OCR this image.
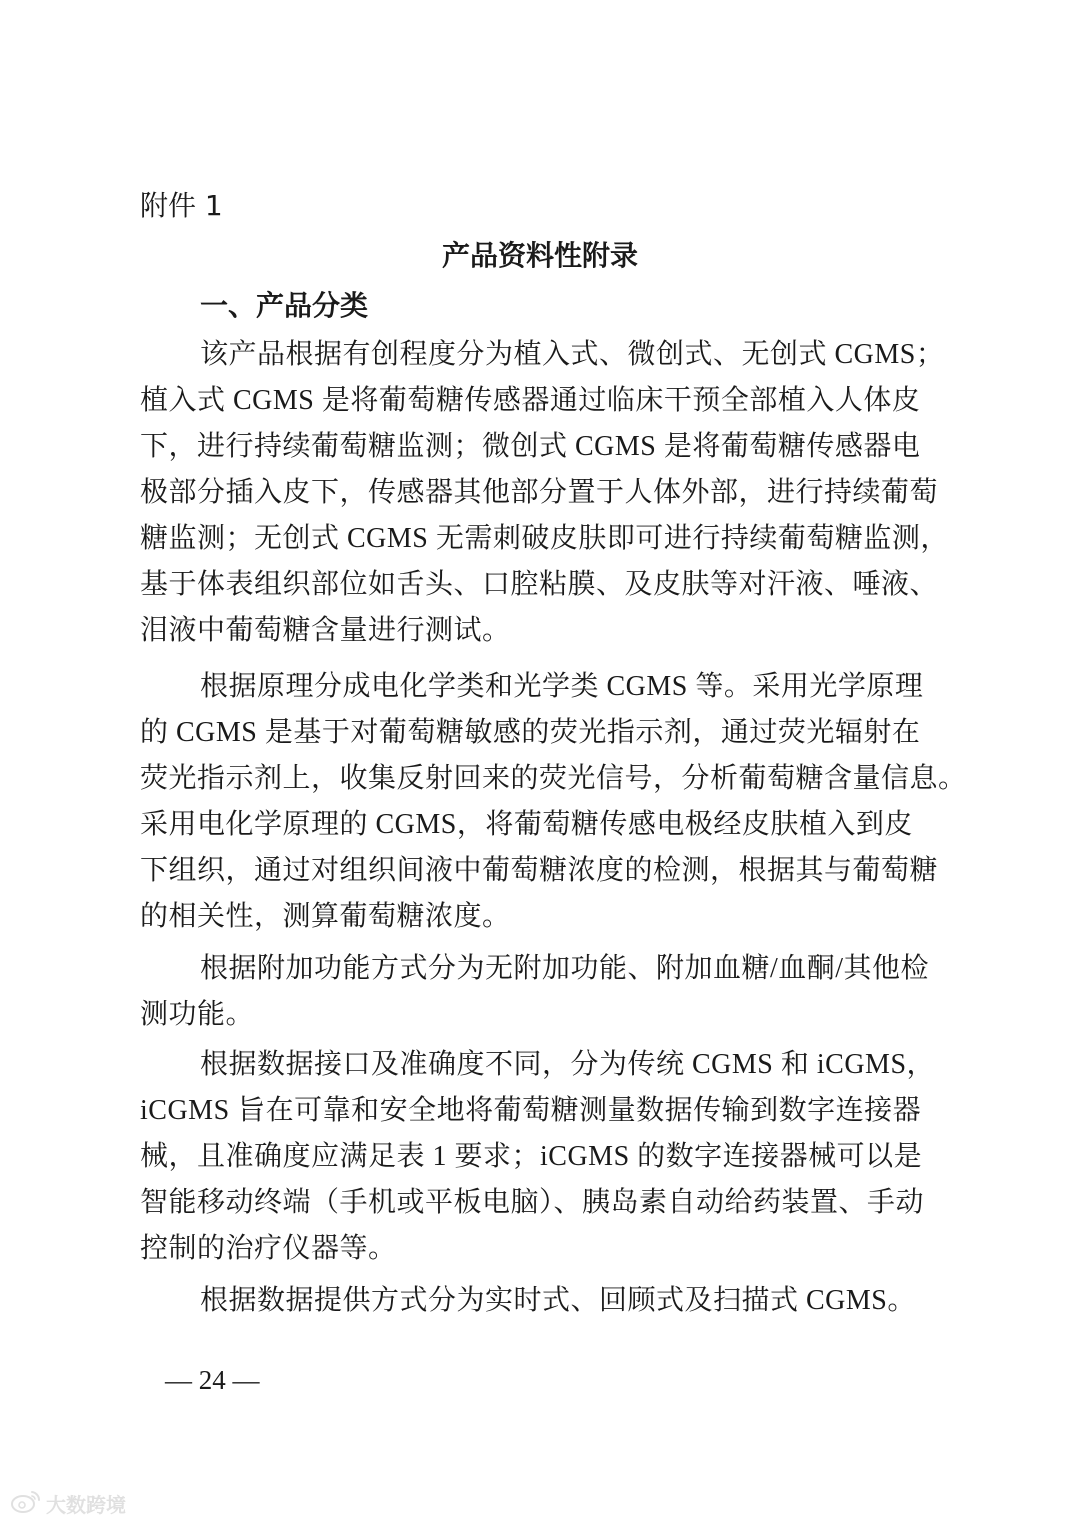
附件 1
产品资料性附录
一、产品分类
该产品根据有创程度分为植入式、微创式、无创式 CGMS；
植入式 CGMS 是将葡萄糖传感器通过临床干预全部植入人体皮
下，进行持续葡萄糖监测；微创式 CGMS 是将葡萄糖传感器电
极部分插入皮下，传感器其他部分置于人体外部，进行持续葡萄
糖监测；无创式 CGMS 无需刺破皮肤即可进行持续葡萄糖监测，
基于体表组织部位如舌头、口腔粘膜、及皮肤等对汗液、唾液、
泪液中葡萄糖含量进行测试。
根据原理分成电化学类和光学类 CGMS 等。采用光学原理
的 CGMS 是基于对葡萄糖敏感的荧光指示剂，通过荧光辐射在
荧光指示剂上，收集反射回来的荧光信号，分析葡萄糖含量信息。
采用电化学原理的 CGMS，将葡萄糖传感电极经皮肤植入到皮
下组织，通过对组织间液中葡萄糖浓度的检测，根据其与葡萄糖
的相关性，测算葡萄糖浓度。
根据附加功能方式分为无附加功能、附加血糖/血酮/其他检
测功能。
根据数据接口及准确度不同，分为传统 CGMS 和 iCGMS，
iCGMS 旨在可靠和安全地将葡萄糖测量数据传输到数字连接器
械，且准确度应满足表 1 要求；iCGMS 的数字连接器械可以是
智能移动终端（手机或平板电脑）、胰岛素自动给药装置、手动
控制的治疗仪器等。
根据数据提供方式分为实时式、回顾式及扫描式 CGMS。
— 24 —
大数跨境
